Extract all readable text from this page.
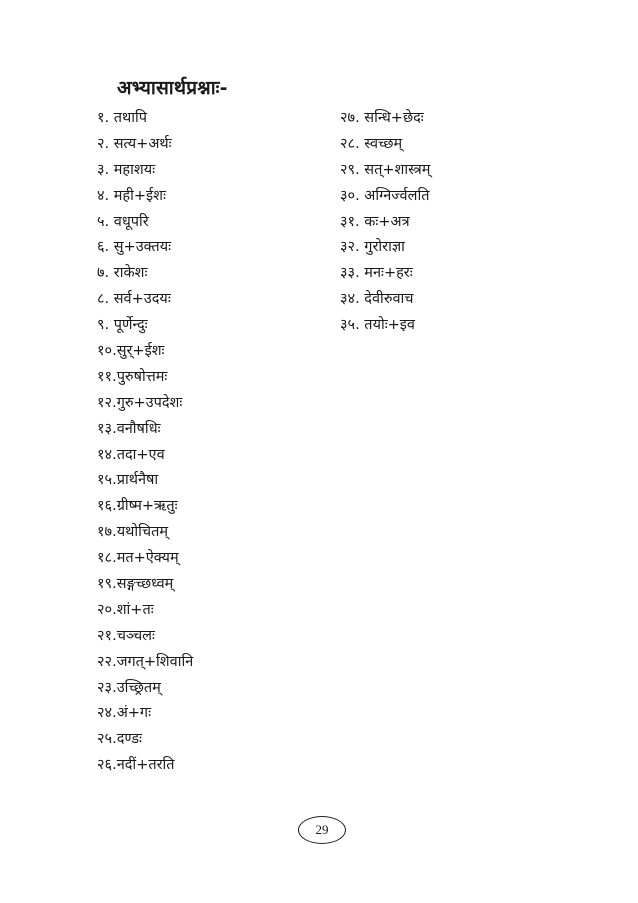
अभ्यासार्थप्रश्नाः-
१. तथापि
२. सत्य+अर्थः
३. महाशयः
४. मही+ईशः
५. वधूपरि
६. सु+उक्तयः
७. राकेशः
८. सर्व+उदयः
९. पूर्णेन्दुः
१०.सुर्+ईशः
११.पुरुषोत्तमः
१२.गुरु+उपदेशः
१३.वनौषधिः
१४.तदा+एव
१५.प्रार्थनैषा
१६.ग्रीष्म+ऋतुः
१७.यथोचितम्
१८.मत+ऐक्यम्
१९.सङ्गच्छध्वम्
२०.शां+तः
२१.चञ्चलः
२२.जगत्+शिवानि
२३.उच्छ्रितम्
२४.अं+गः
२५.दण्डः
२६.नदीं+तरति
२७. सन्धि+छेदः
२८. स्वच्छम्
२९. सत्+शास्त्रम्
३०. अग्निर्ज्वलति
३१. कः+अत्र
३२. गुरोराज्ञा
३३. मनः+हरः
३४. देवीरुवाच
३५. तयोः+इव
29
